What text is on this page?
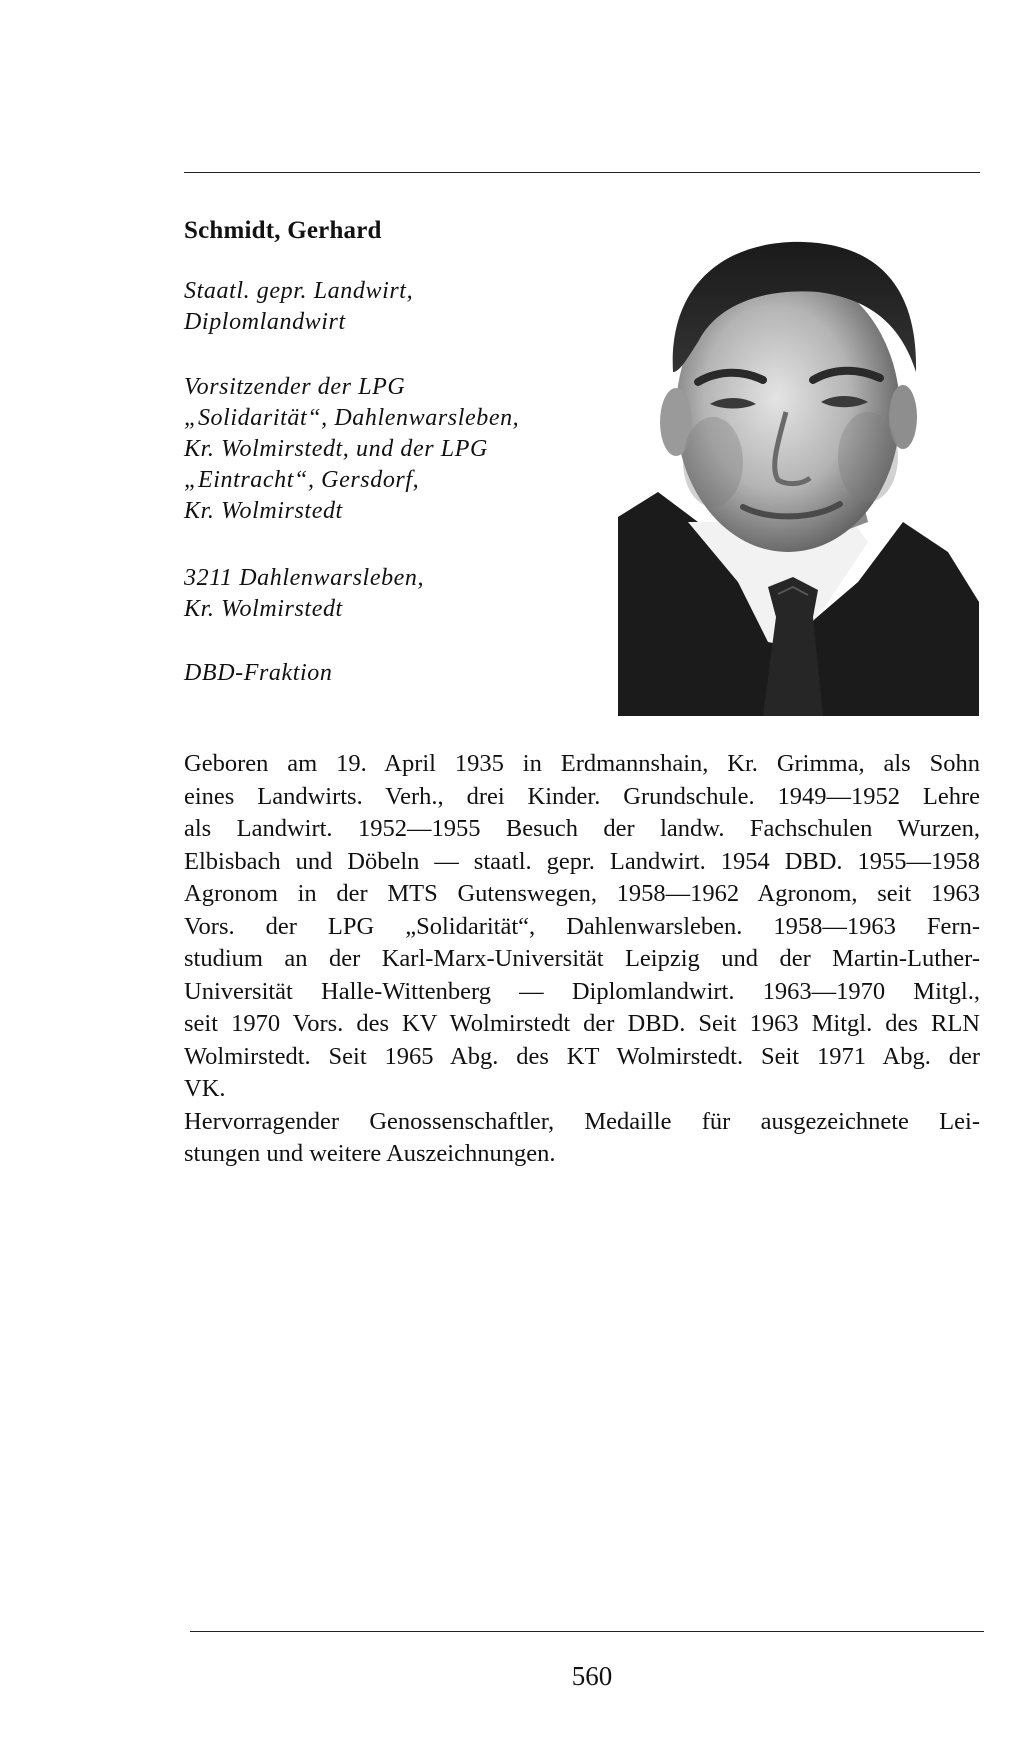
Schmidt, Gerhard
Staatl. gepr. Landwirt,
Diplomlandwirt
Vorsitzender der LPG
„Solidarität“, Dahlenwarsleben,
Kr. Wolmirstedt, und der LPG
„Eintracht“, Gersdorf,
Kr. Wolmirstedt
3211 Dahlenwarsleben,
Kr. Wolmirstedt
DBD-Fraktion
Geboren am 19. April 1935 in Erdmannshain, Kr. Grimma, als Sohn
eines Landwirts. Verh., drei Kinder. Grundschule. 1949—1952 Lehre
als Landwirt. 1952—1955 Besuch der landw. Fachschulen Wurzen,
Elbisbach und Döbeln — staatl. gepr. Landwirt. 1954 DBD. 1955—1958
Agronom in der MTS Gutenswegen, 1958—1962 Agronom, seit 1963
Vors. der LPG „Solidarität“, Dahlenwarsleben. 1958—1963 Fern-
studium an der Karl-Marx-Universität Leipzig und der Martin-Luther-
Universität Halle-Wittenberg — Diplomlandwirt. 1963—1970 Mitgl.,
seit 1970 Vors. des KV Wolmirstedt der DBD. Seit 1963 Mitgl. des RLN
Wolmirstedt. Seit 1965 Abg. des KT Wolmirstedt. Seit 1971 Abg. der
VK.
Hervorragender Genossenschaftler, Medaille für ausgezeichnete Lei-
stungen und weitere Auszeichnungen.
560
